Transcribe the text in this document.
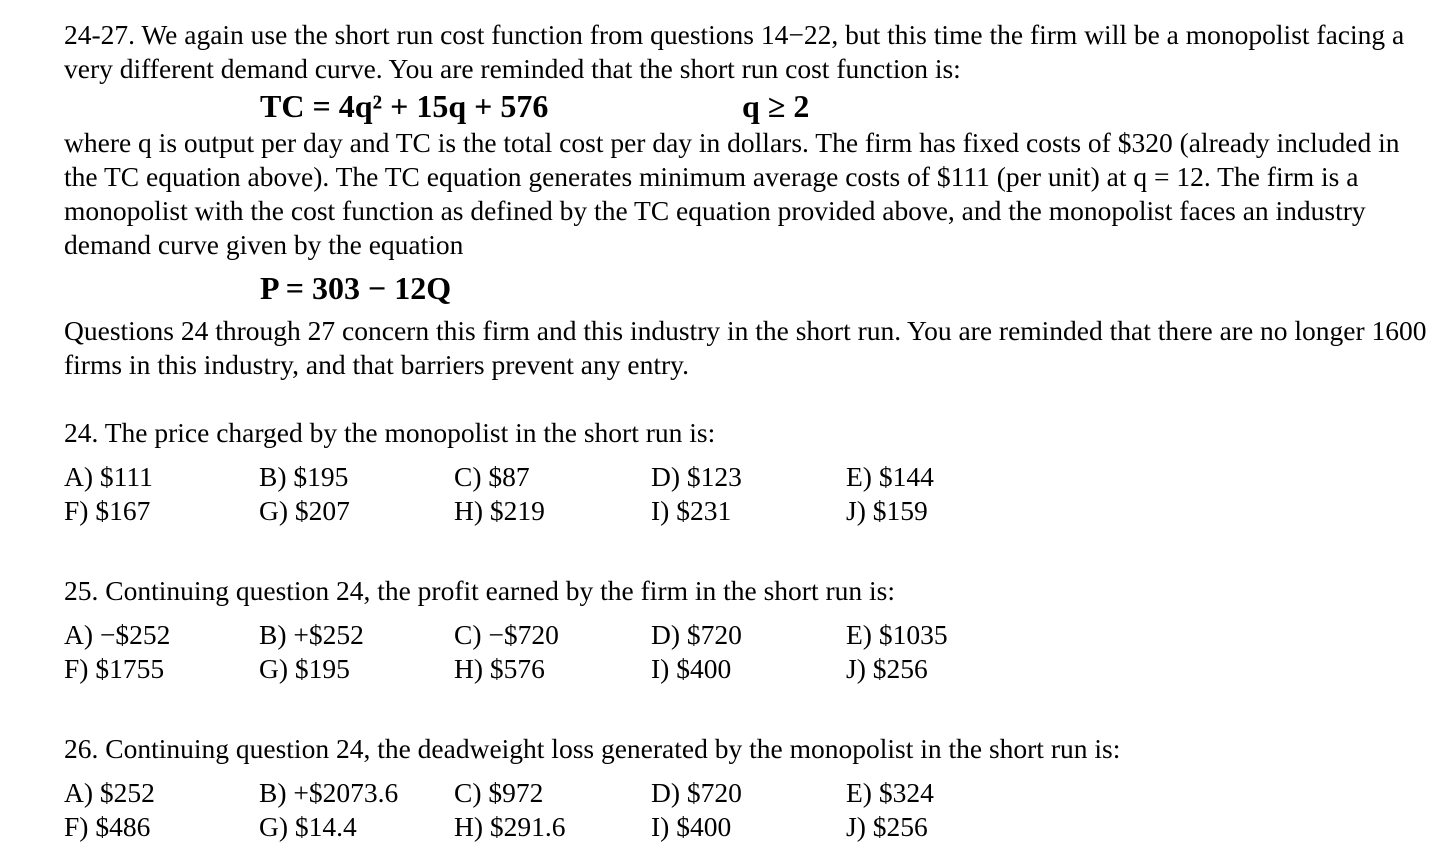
24-27. We again use the short run cost function from questions 14−22, but this time the firm will be a monopolist facing a very different demand curve. You are reminded that the short run cost function is:

TC = 4q² + 15q + 576	q ≥ 2

where q is output per day and TC is the total cost per day in dollars. The firm has fixed costs of $320 (already included in the TC equation above). The TC equation generates minimum average costs of $111 (per unit) at q = 12. The firm is a monopolist with the cost function as defined by the TC equation provided above, and the monopolist faces an industry demand curve given by the equation

P = 303 − 12Q

Questions 24 through 27 concern this firm and this industry in the short run. You are reminded that there are no longer 1600 firms in this industry, and that barriers prevent any entry.

24. The price charged by the monopolist in the short run is:

A) $111	B) $195	C) $87	D) $123	E) $144
F) $167	G) $207	H) $219	I) $231	J) $159

25. Continuing question 24, the profit earned by the firm in the short run is:

A) −$252	B) +$252	C) −$720	D) $720	E) $1035
F) $1755	G) $195	H) $576	I) $400	J) $256

26. Continuing question 24, the deadweight loss generated by the monopolist in the short run is:

A) $252	B) +$2073.6	C) $972	D) $720	E) $324
F) $486	G) $14.4	H) $291.6	I) $400	J) $256
